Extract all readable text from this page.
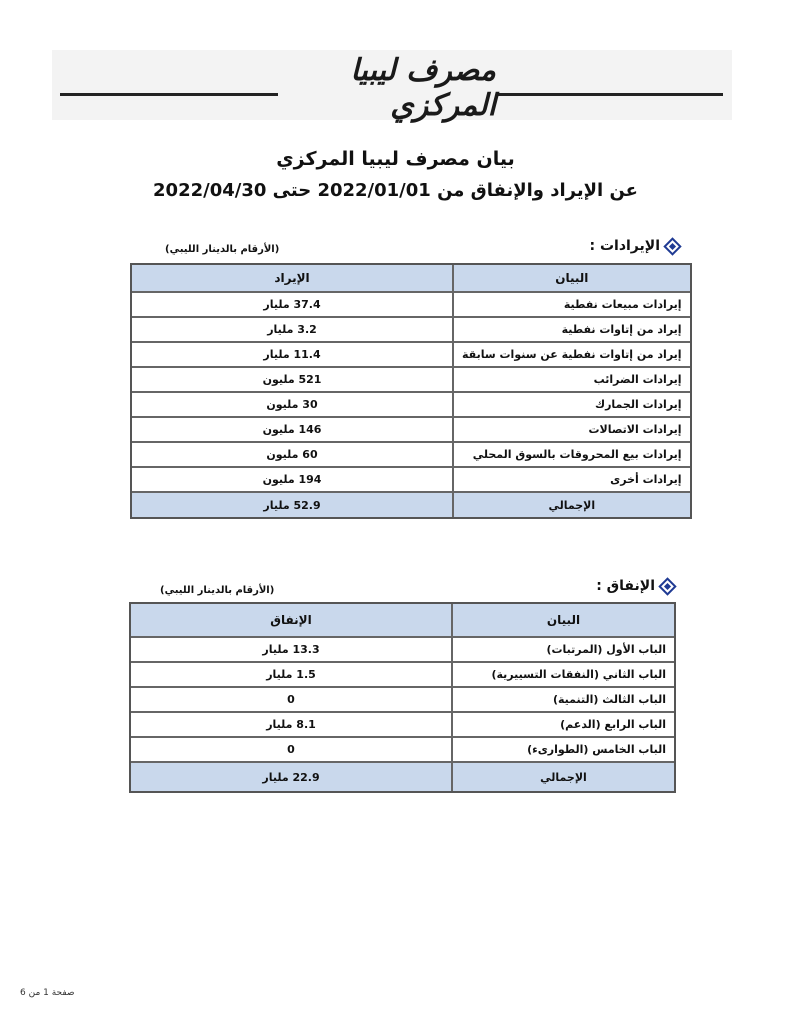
مصرف ليبيا المركزي
بيان مصرف ليبيا المركزي
عن الإيراد والإنفاق من 2022/01/01 حتى 2022/04/30
الإيرادات :
(الأرقام بالدينار الليبي)
البيان	الإيراد
إيرادات مبيعات نفطية	37.4 مليار
إيراد من إتاوات نفطية	3.2 مليار
إيراد من إتاوات نفطية عن سنوات سابقة	11.4 مليار
إيرادات الضرائب	521 مليون
إيرادات الجمارك	30 مليون
إيرادات الاتصالات	146 مليون
إيرادات بيع المحروقات بالسوق المحلي	60 مليون
إيرادات أخرى	194 مليون
الإجمالي	52.9 مليار
الإنفاق :
(الأرقام بالدينار الليبي)
البيان	الإنفاق
الباب الأول (المرتبات)	13.3 مليار
الباب الثاني (النفقات التسييرية)	1.5 مليار
الباب الثالث (التنمية)	0
الباب الرابع (الدعم)	8.1 مليار
الباب الخامس (الطوارىء)	0
الإجمالي	22.9 مليار
صفحة 1 من 6
